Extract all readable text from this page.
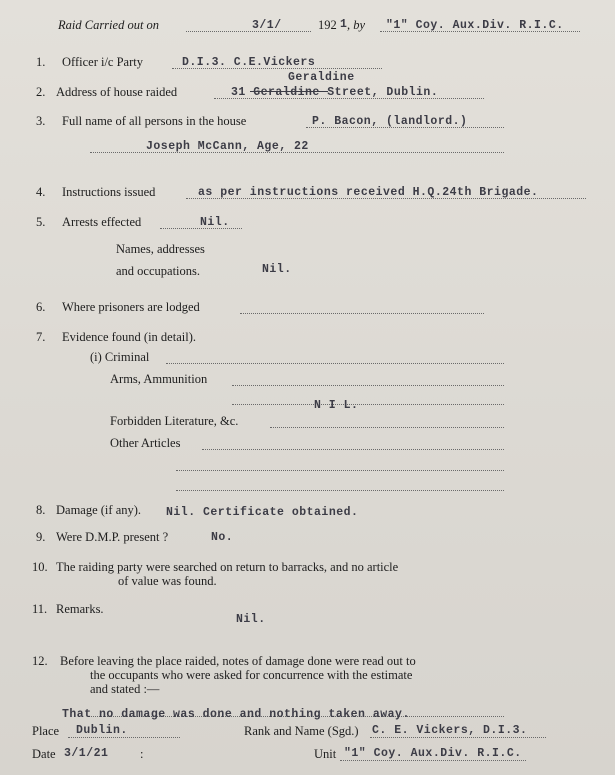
Raid Carried out on	3/1/	192 1 , by "1" Coy. Aux.Div. R.I.C.
1. Officer i/c Party	D.I.3. C.E.Vickers
Geraldine
2. Address of house raided	31 Geraldine Street, Dublin.
3. Full name of all persons in the house	P. Bacon, (landlord.)
Joseph McCann, Age, 22
4. Instructions issued	as per instructions received H.Q.24th Brigade.
5. Arrests effected	Nil.
Names, addresses
and occupations.	Nil.
6. Where prisoners are lodged
7. Evidence found (in detail).
(i) Criminal
Arms, Ammunition
N I L.
Forbidden Literature, &c.
Other Articles
8. Damage (if any). Nil. Certificate obtained.
9. Were D.M.P. present ?	No.
10. The raiding party were searched on return to barracks, and no article
of value was found.
11. Remarks.
Nil.
12. Before leaving the place raided, notes of damage done were read out to
the occupants who were asked for concurrence with the estimate
and stated :—
That no damage was done and nothing taken away.
Place Dublin.	Rank and Name (Sgd.) C. E. Vickers, D.I.3.
Date 3/1/21	:	Unit "1" Coy. Aux.Div. R.I.C.
